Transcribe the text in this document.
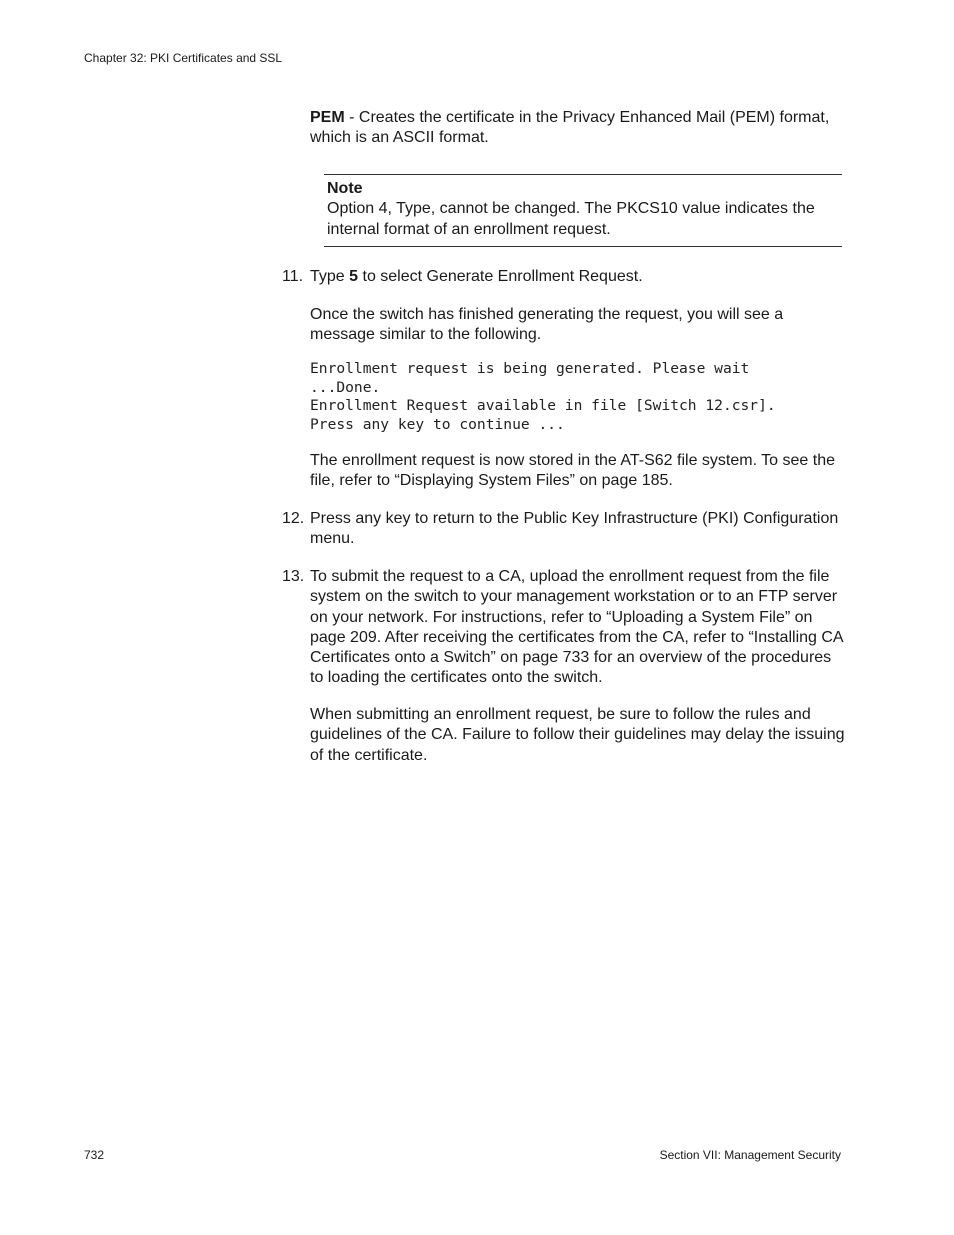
Chapter 32: PKI Certificates and SSL
PEM - Creates the certificate in the Privacy Enhanced Mail (PEM) format, which is an ASCII format.
Note
Option 4, Type, cannot be changed. The PKCS10 value indicates the internal format of an enrollment request.
11. Type 5 to select Generate Enrollment Request.
Once the switch has finished generating the request, you will see a message similar to the following.
Enrollment request is being generated. Please wait
...Done.
Enrollment Request available in file [Switch 12.csr].
Press any key to continue ...
The enrollment request is now stored in the AT-S62 file system. To see the file, refer to “Displaying System Files” on page 185.
12. Press any key to return to the Public Key Infrastructure (PKI) Configuration menu.
13. To submit the request to a CA, upload the enrollment request from the file system on the switch to your management workstation or to an FTP server on your network. For instructions, refer to “Uploading a System File” on page 209. After receiving the certificates from the CA, refer to “Installing CA Certificates onto a Switch” on page 733 for an overview of the procedures to loading the certificates onto the switch.
When submitting an enrollment request, be sure to follow the rules and guidelines of the CA. Failure to follow their guidelines may delay the issuing of the certificate.
732	Section VII: Management Security
